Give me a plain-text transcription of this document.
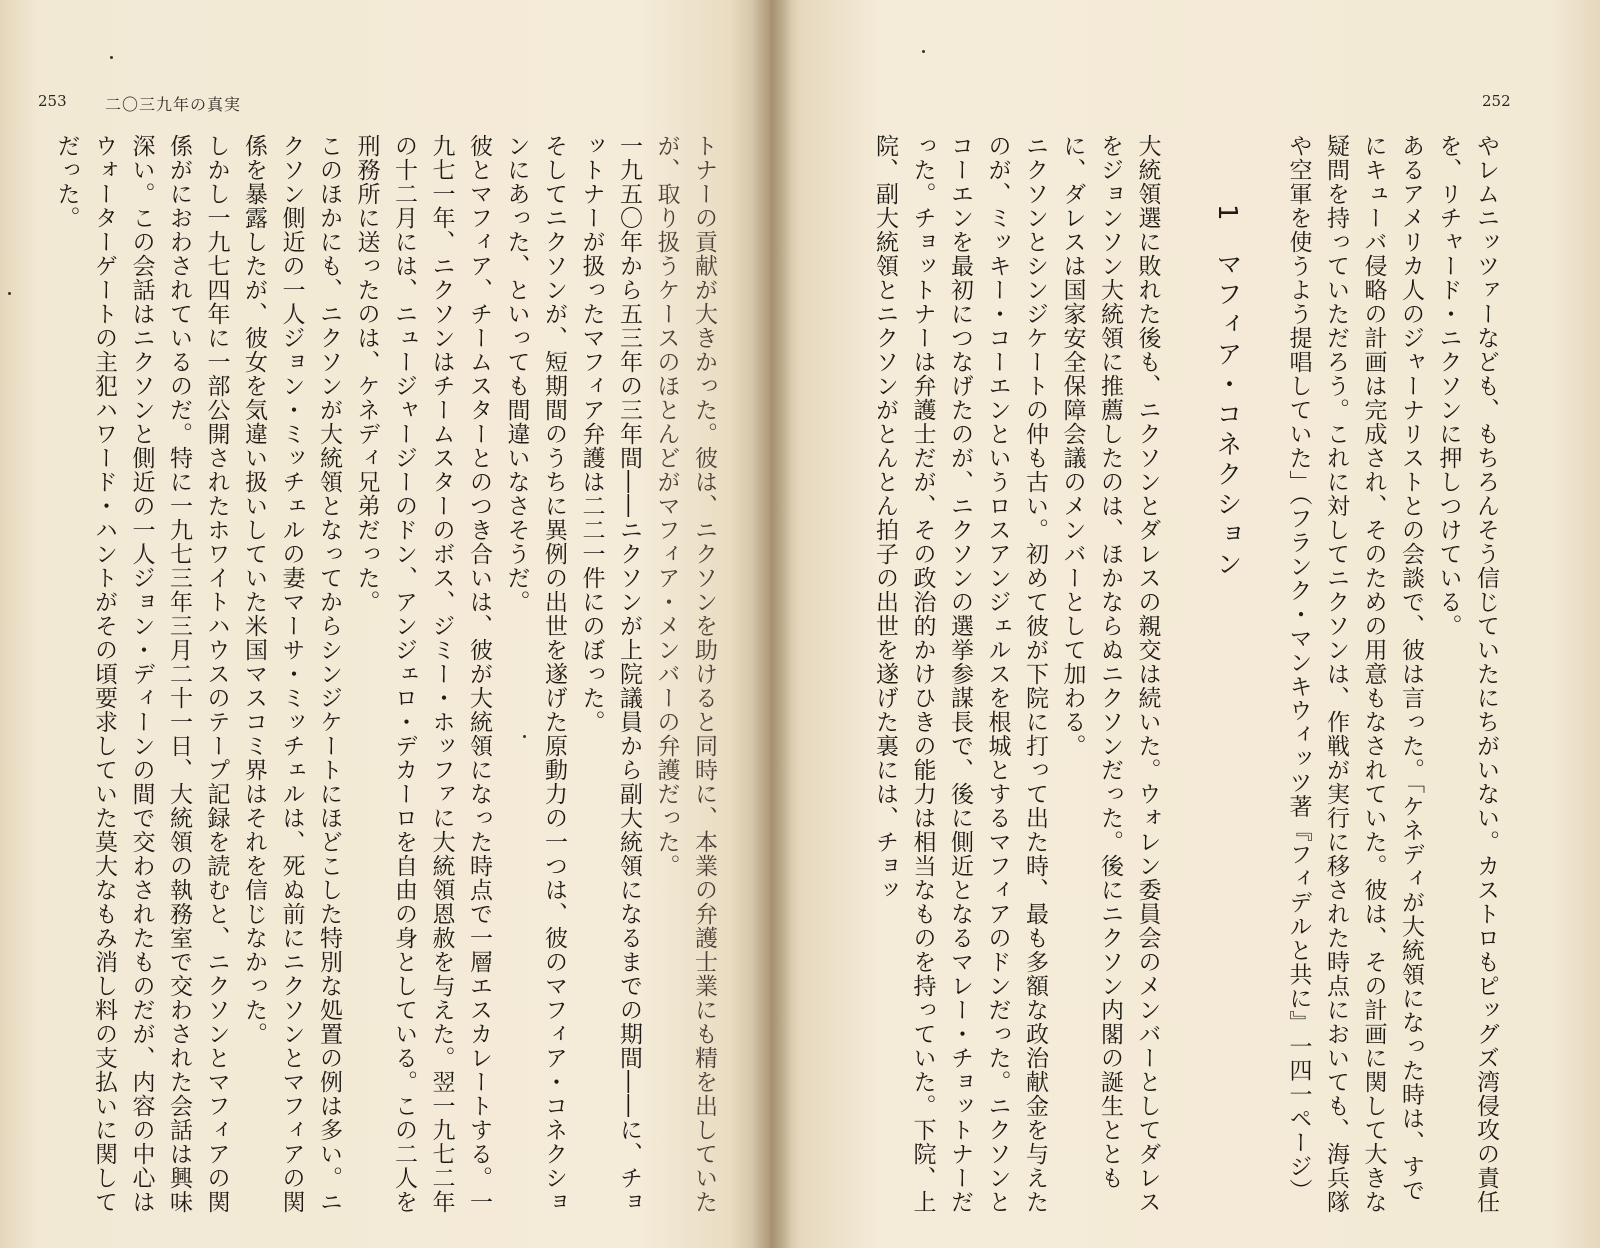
253 二〇三九年の真実

トナーの貢献が大きかった。彼は、ニクソンを助けると同時に、本業の弁護士業にも精を出していたが、取り扱うケースのほとんどがマフィア・メンバーの弁護だった。

一九五〇年から五三年の三年間――ニクソンが上院議員から副大統領になるまでの期間――に、チョットナーが扱ったマフィア弁護は二二一件にのぼった。

そしてニクソンが、短期間のうちに異例の出世を遂げた原動力の一つは、彼のマフィア・コネクションにあった、といっても間違いなさそうだ。

彼とマフィア、チームスターとのつき合いは、彼が大統領になった時点で一層エスカレートする。一九七一年、ニクソンはチームスターのボス、ジミー・ホッファに大統領恩赦を与えた。翌一九七二年の十二月には、ニュージャージーのドン、アンジェロ・デカーロを自由の身としている。この二人を刑務所に送ったのは、ケネディ兄弟だった。

このほかにも、ニクソンが大統領となってからシンジケートにほどこした特別な処置の例は多い。ニクソン側近の一人ジョン・ミッチェルの妻マーサ・ミッチェルは、死ぬ前にニクソンとマフィアの関係を暴露したが、彼女を気違い扱いしていた米国マスコミ界はそれを信じなかった。

しかし一九七四年に一部公開されたホワイトハウスのテープ記録を読むと、ニクソンとマフィアの関係がにおわされているのだ。特に一九七三年三月二十一日、大統領の執務室で交わされた会話は興味深い。この会話はニクソンと側近の一人ジョン・ディーンの間で交わされたものだが、内容の中心はウォーターゲートの主犯ハワード・ハントがその頃要求していた莫大なもみ消し料の支払いに関してだった。

252

やレムニッツァーなども、もちろんそう信じていたにちがいない。カストロもピッグズ湾侵攻の責任を、リチャード・ニクソンに押しつけている。

あるアメリカ人のジャーナリストとの会談で、彼は言った。「ケネディが大統領になった時は、すでにキューバ侵略の計画は完成され、そのための用意もなされていた。彼は、その計画に関して大きな疑問を持っていただろう。これに対してニクソンは、作戦が実行に移された時点においても、海兵隊や空軍を使うよう提唱していた」（フランク・マンキウィッツ著『フィデルと共に』一四一ページ）

1マフィア・コネクション

大統領選に敗れた後も、ニクソンとダレスの親交は続いた。ウォレン委員会のメンバーとしてダレスをジョンソン大統領に推薦したのは、ほかならぬニクソンだった。後にニクソン内閣の誕生とともに、ダレスは国家安全保障会議のメンバーとして加わる。

ニクソンとシンジケートの仲も古い。初めて彼が下院に打って出た時、最も多額な政治献金を与えたのが、ミッキー・コーエンというロスアンジェルスを根城とするマフィアのドンだった。ニクソンとコーエンを最初につなげたのが、ニクソンの選挙参謀長で、後に側近となるマレー・チョットナーだった。チョットナーは弁護士だが、その政治的かけひきの能力は相当なものを持っていた。下院、上院、副大統領とニクソンがとんとん拍子の出世を遂げた裏には、チョッ
